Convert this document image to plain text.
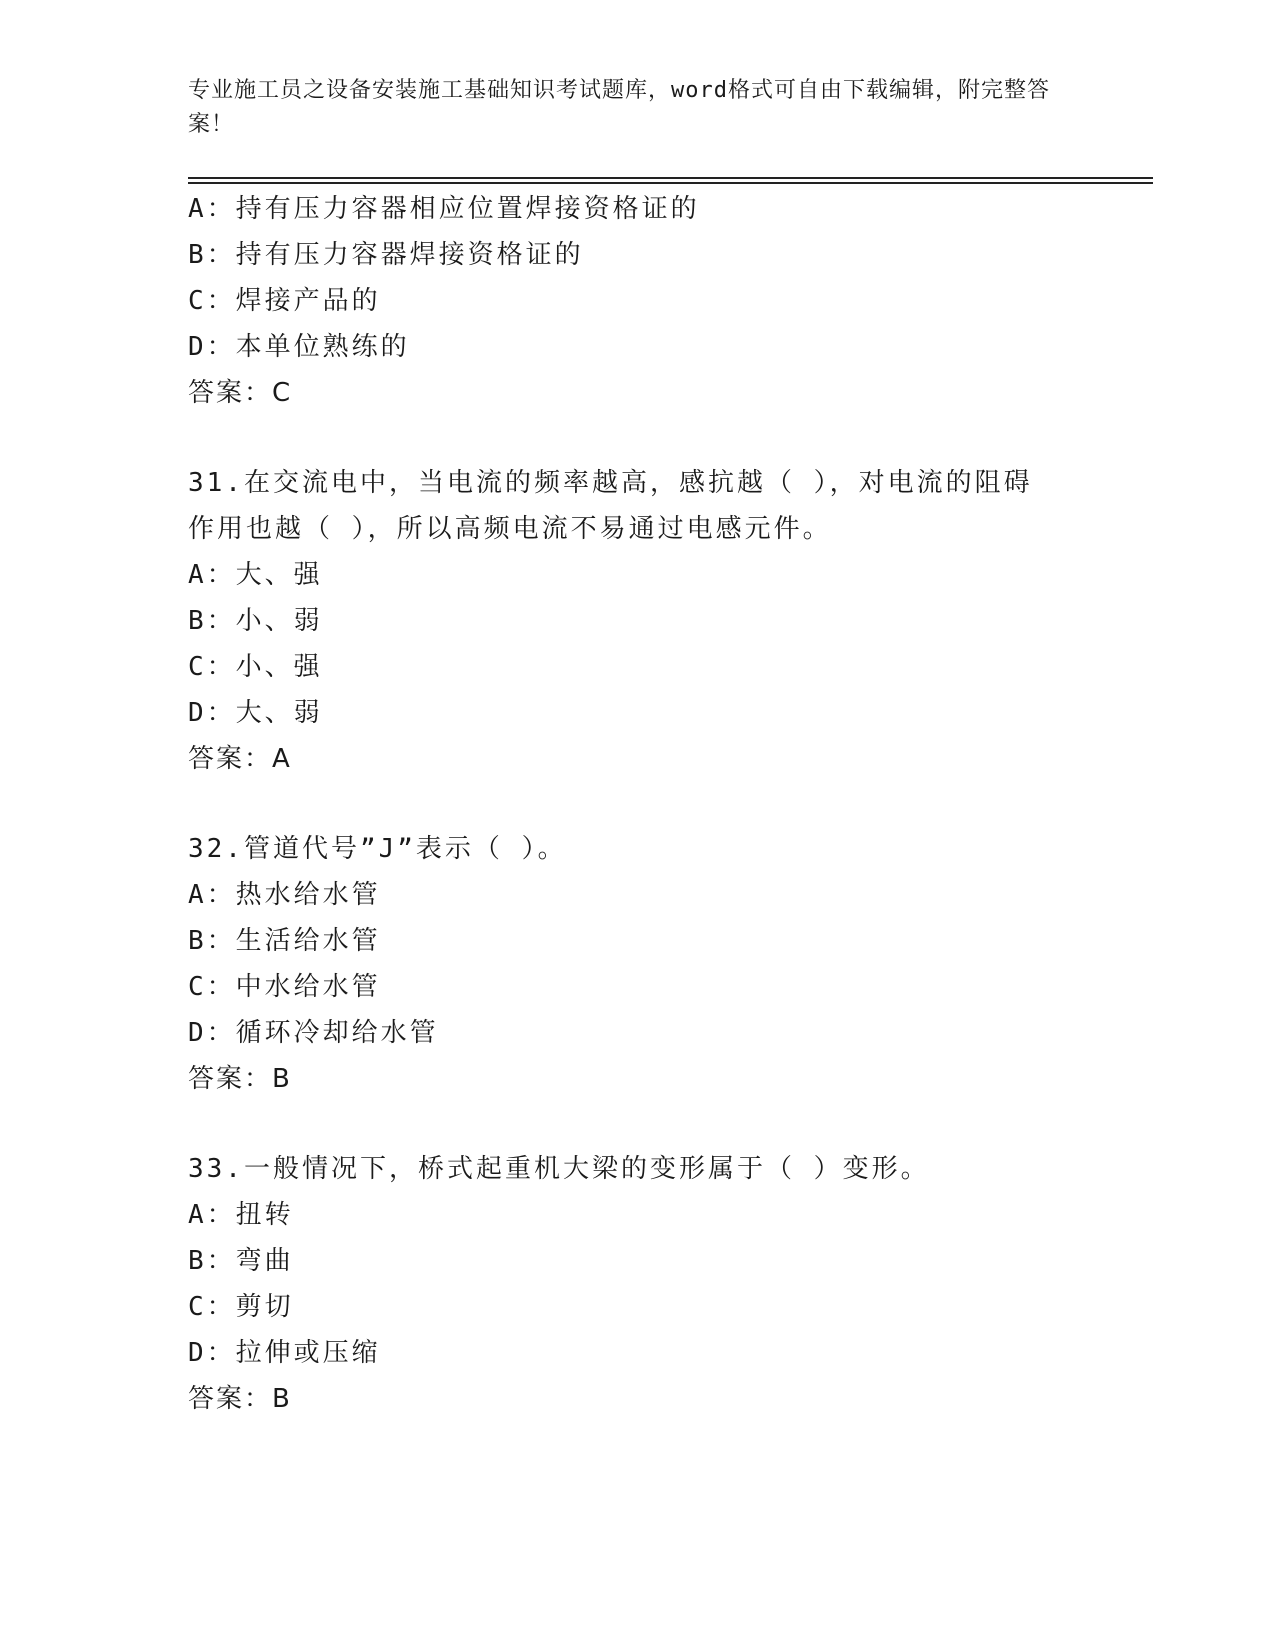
专业施工员之设备安装施工基础知识考试题库，word格式可自由下载编辑，附完整答案！
A：持有压力容器相应位置焊接资格证的
B：持有压力容器焊接资格证的
C：焊接产品的
D：本单位熟练的
答案：C
31.在交流电中，当电流的频率越高，感抗越（ ），对电流的阻碍作用也越（ ），所以高频电流不易通过电感元件。
A：大、强
B：小、弱
C：小、强
D：大、弱
答案：A
32.管道代号”J”表示（ ）。
A：热水给水管
B：生活给水管
C：中水给水管
D：循环冷却给水管
答案：B
33.一般情况下，桥式起重机大梁的变形属于（ ）变形。
A：扭转
B：弯曲
C：剪切
D：拉伸或压缩
答案：B
